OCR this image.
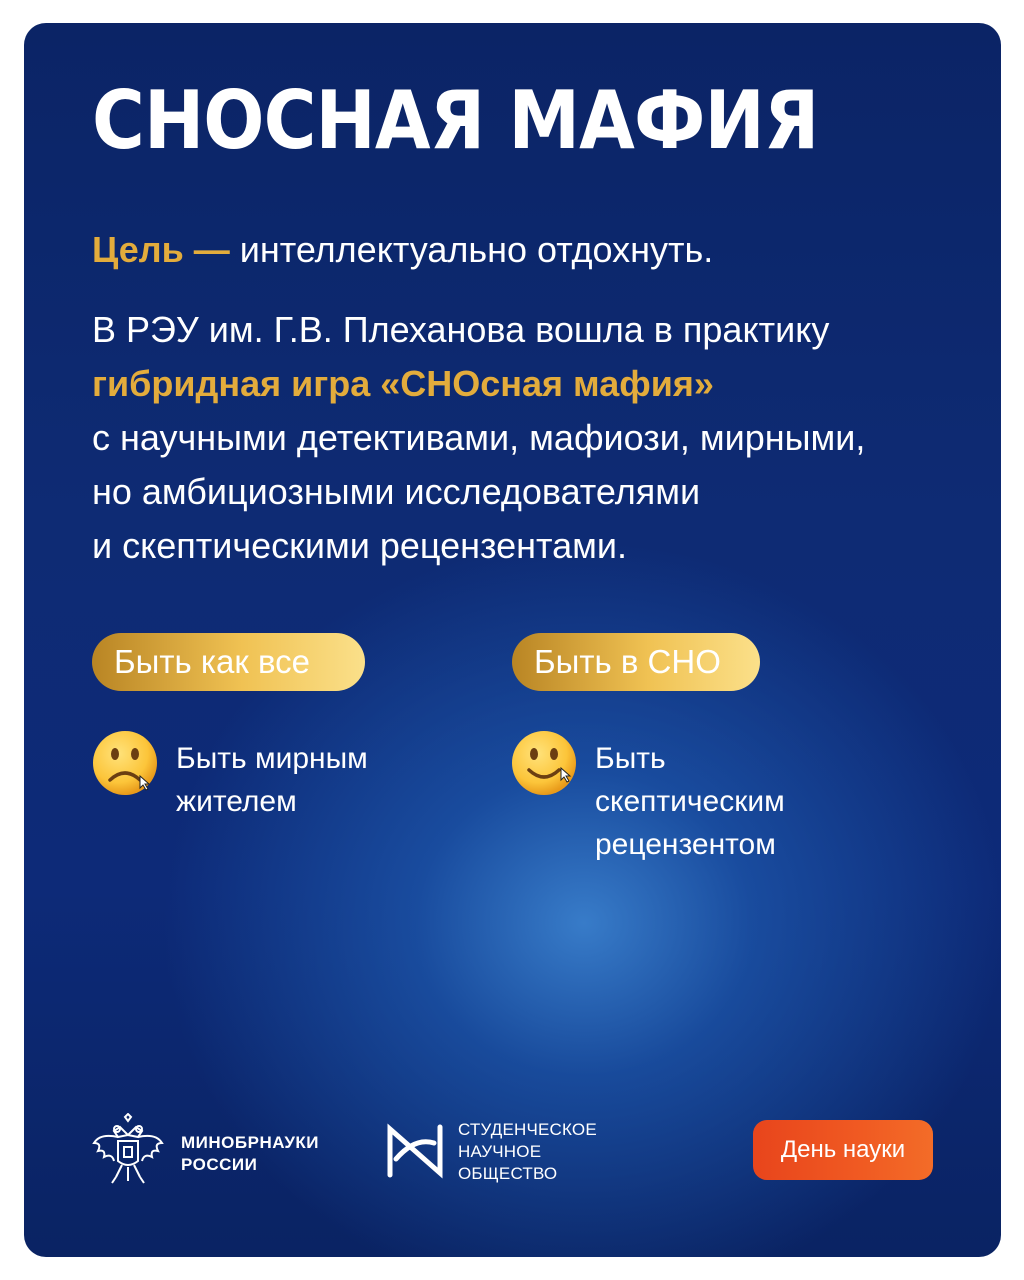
СНОСНАЯ МАФИЯ

Цель — интеллектуально отдохнуть.

В РЭУ им. Г.В. Плеханова вошла в практику
гибридная игра «СНОсная мафия»
с научными детективами, мафиози, мирными,
но амбициозными исследователями
и скептическими рецензентами.
Быть как все
Быть мирным
жителем
Быть в СНО
Быть
скептическим
рецензентом
МИНОБРНАУКИ
РОССИИ
СТУДЕНЧЕСКОЕ
НАУЧНОЕ
ОБЩЕСТВО
День науки
